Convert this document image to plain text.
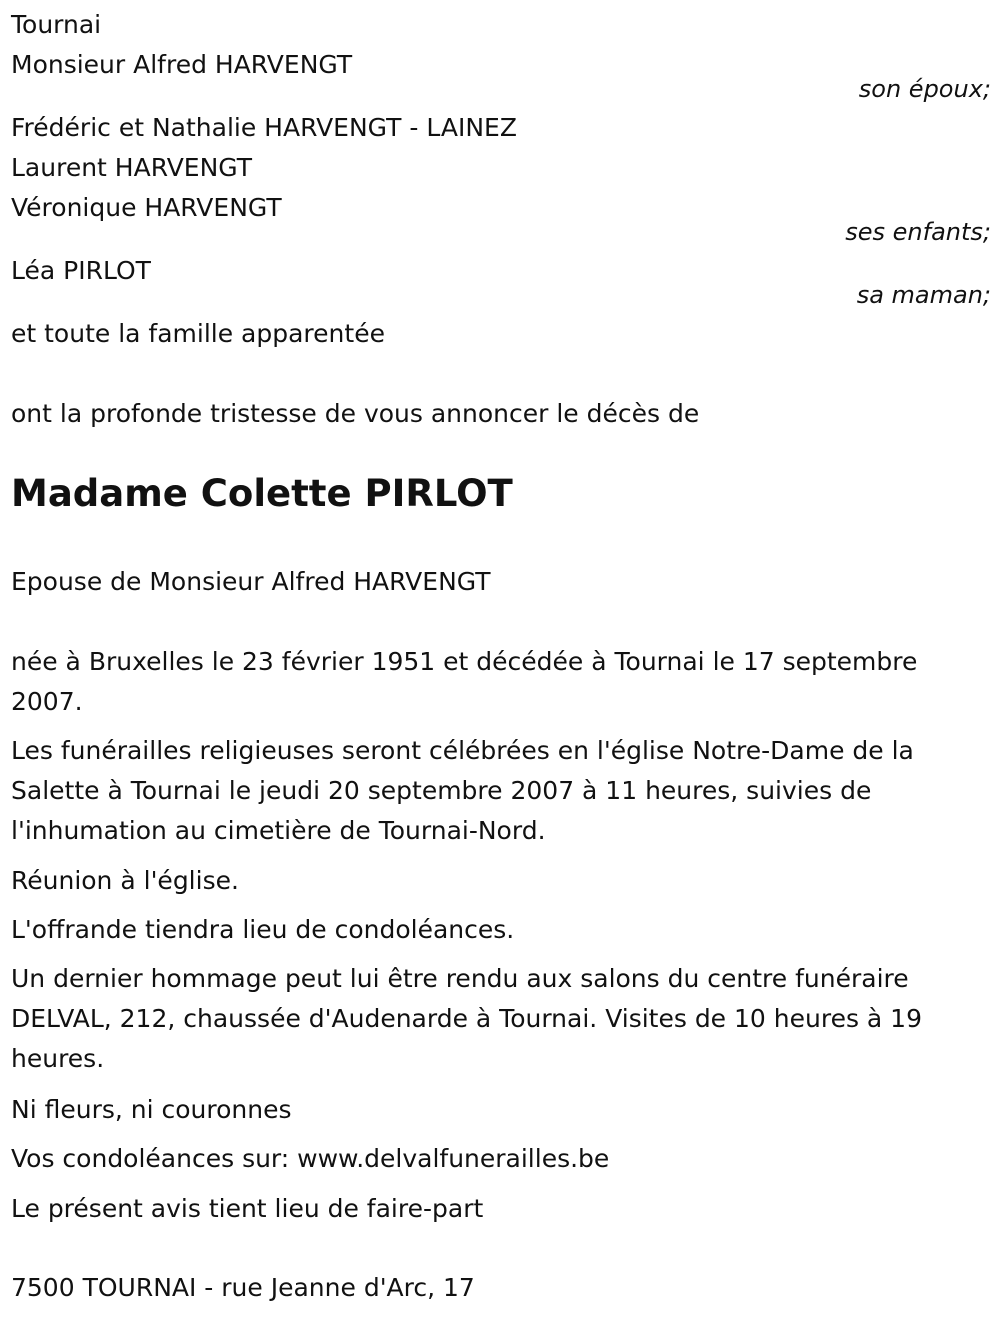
Tournai
Monsieur Alfred HARVENGT
son époux;
Frédéric et Nathalie HARVENGT - LAINEZ
Laurent HARVENGT
Véronique HARVENGT
ses enfants;
Léa PIRLOT
sa maman;
et toute la famille apparentée
ont la profonde tristesse de vous annoncer le décès de
Madame Colette PIRLOT
Epouse de Monsieur Alfred HARVENGT
née à Bruxelles le 23 février 1951 et décédée à Tournai le 17 septembre 2007.
Les funérailles religieuses seront célébrées en l'église Notre-Dame de la Salette à Tournai le jeudi 20 septembre 2007 à 11 heures, suivies de l'inhumation au cimetière de Tournai-Nord.
Réunion à l'église.
L'offrande tiendra lieu de condoléances.
Un dernier hommage peut lui être rendu aux salons du centre funéraire DELVAL, 212, chaussée d'Audenarde à Tournai. Visites de 10 heures à 19 heures.
Ni fleurs, ni couronnes
Vos condoléances sur: www.delvalfunerailles.be
Le présent avis tient lieu de faire-part
7500 TOURNAI - rue Jeanne d'Arc, 17
